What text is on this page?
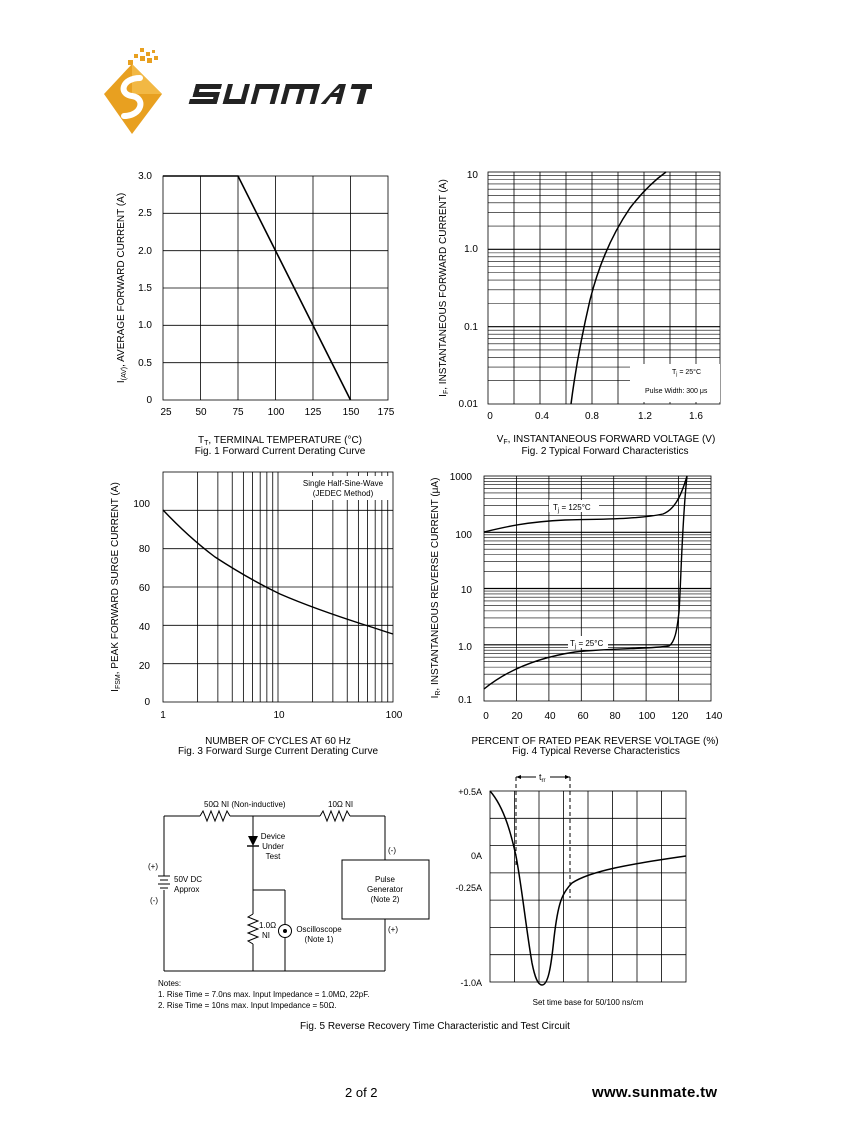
0
0.5
1.0
1.5
2.0
2.5
3.0
25 50	75 100 125 150 175
$I_{(AV)}$, AVERAGE FORWARD CURRENT (A)
$T_T$, TERMINAL TEMPERATURE (°C)
Fig. 1 Forward Current Derating Curve
0.01
0.1
1.0
10
0	0.4	0.8	1.2	1.6
$T_j = 25^\circ C$
Pulse Width: 300 μs
$I_F$, INSTANTANEOUS FORWARD CURRENT (A)
$V_F$, INSTANTANEOUS FORWARD VOLTAGE (V)
Fig. 2 Typical Forward Characteristics
0
20
40
60
80
100
1	10	100
Single Half-Sine-Wave
(JEDEC Method)
$I_{FSM}$, PEAK FORWARD SURGE CURRENT (A)
NUMBER OF CYCLES AT 60 Hz
Fig. 3 Forward Surge Current Derating Curve
0.1
1.0
10
100
1000
0 20 40 60 80 100 120 140
$T_j = 125^\circ C$
$T_j = 25^\circ C$
$I_R$, INSTANTANEOUS REVERSE CURRENT (μA)
PERCENT OF RATED PEAK REVERSE VOLTAGE (%)
Fig. 4 Typical Reverse Characteristics
50Ω NI (Non-inductive)	10Ω NI
Device
Under
Test
(+)
50V DC
Approx
(-)
(-)
Pulse
Generator
(Note 2)
(+)
1.0Ω
NI
Oscilloscope
(Note 1)
Notes:
1. Rise Time = 7.0ns max. Input Impedance = 1.0MΩ, 22pF.
2. Rise Time = 10ns max. Input Impedance = 50Ω.
+0.5A
0A
-0.25A
-1.0A
$t_{rr}$
Set time base for 50/100 ns/cm
Fig. 5 Reverse Recovery Time Characteristic and Test Circuit
2 of 2	www.sunmate.tw
